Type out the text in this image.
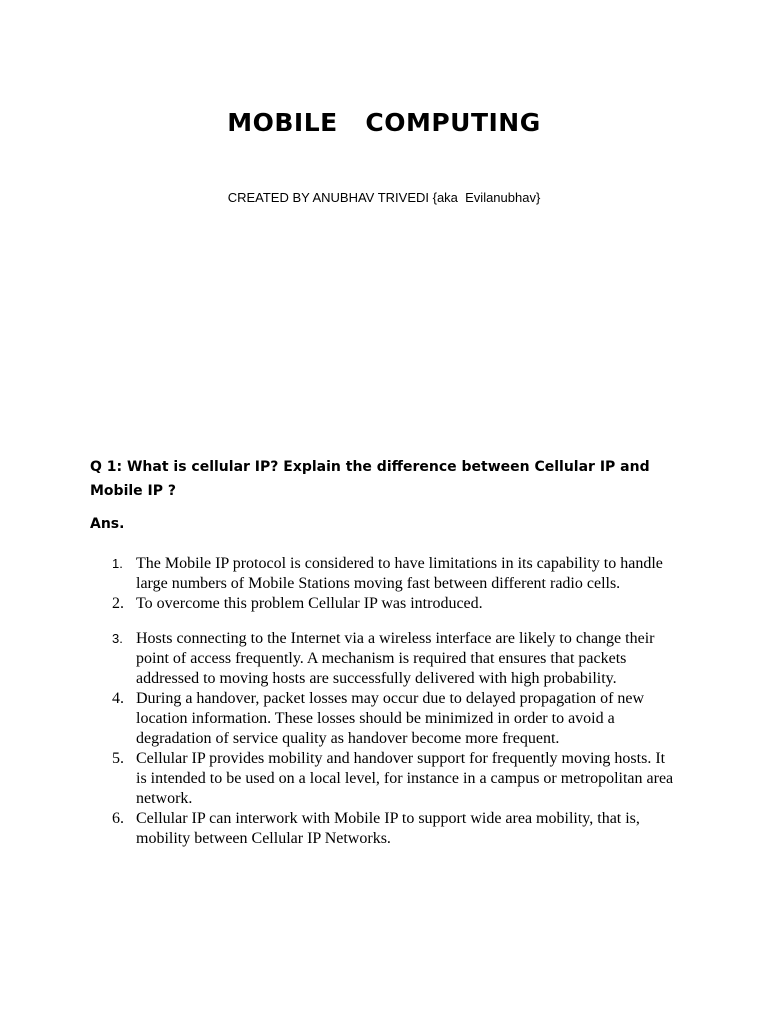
MOBILE   COMPUTING
CREATED BY ANUBHAV TRIVEDI {aka  Evilanubhav}
Q 1: What is cellular IP? Explain the difference between Cellular IP and Mobile IP ?
Ans.
1. The Mobile IP protocol is considered to have limitations in its capability to handle large numbers of Mobile Stations moving fast between different radio cells.
2. To overcome this problem Cellular IP was introduced.
3. Hosts connecting to the Internet via a wireless interface are likely to change their point of access frequently. A mechanism is required that ensures that packets addressed to moving hosts are successfully delivered with high probability.
4. During a handover, packet losses may occur due to delayed propagation of new location information. These losses should be minimized in order to avoid a degradation of service quality as handover become more frequent.
5. Cellular IP provides mobility and handover support for frequently moving hosts. It is intended to be used on a local level, for instance in a campus or metropolitan area network.
6. Cellular IP can interwork with Mobile IP to support wide area mobility, that is, mobility between Cellular IP Networks.
